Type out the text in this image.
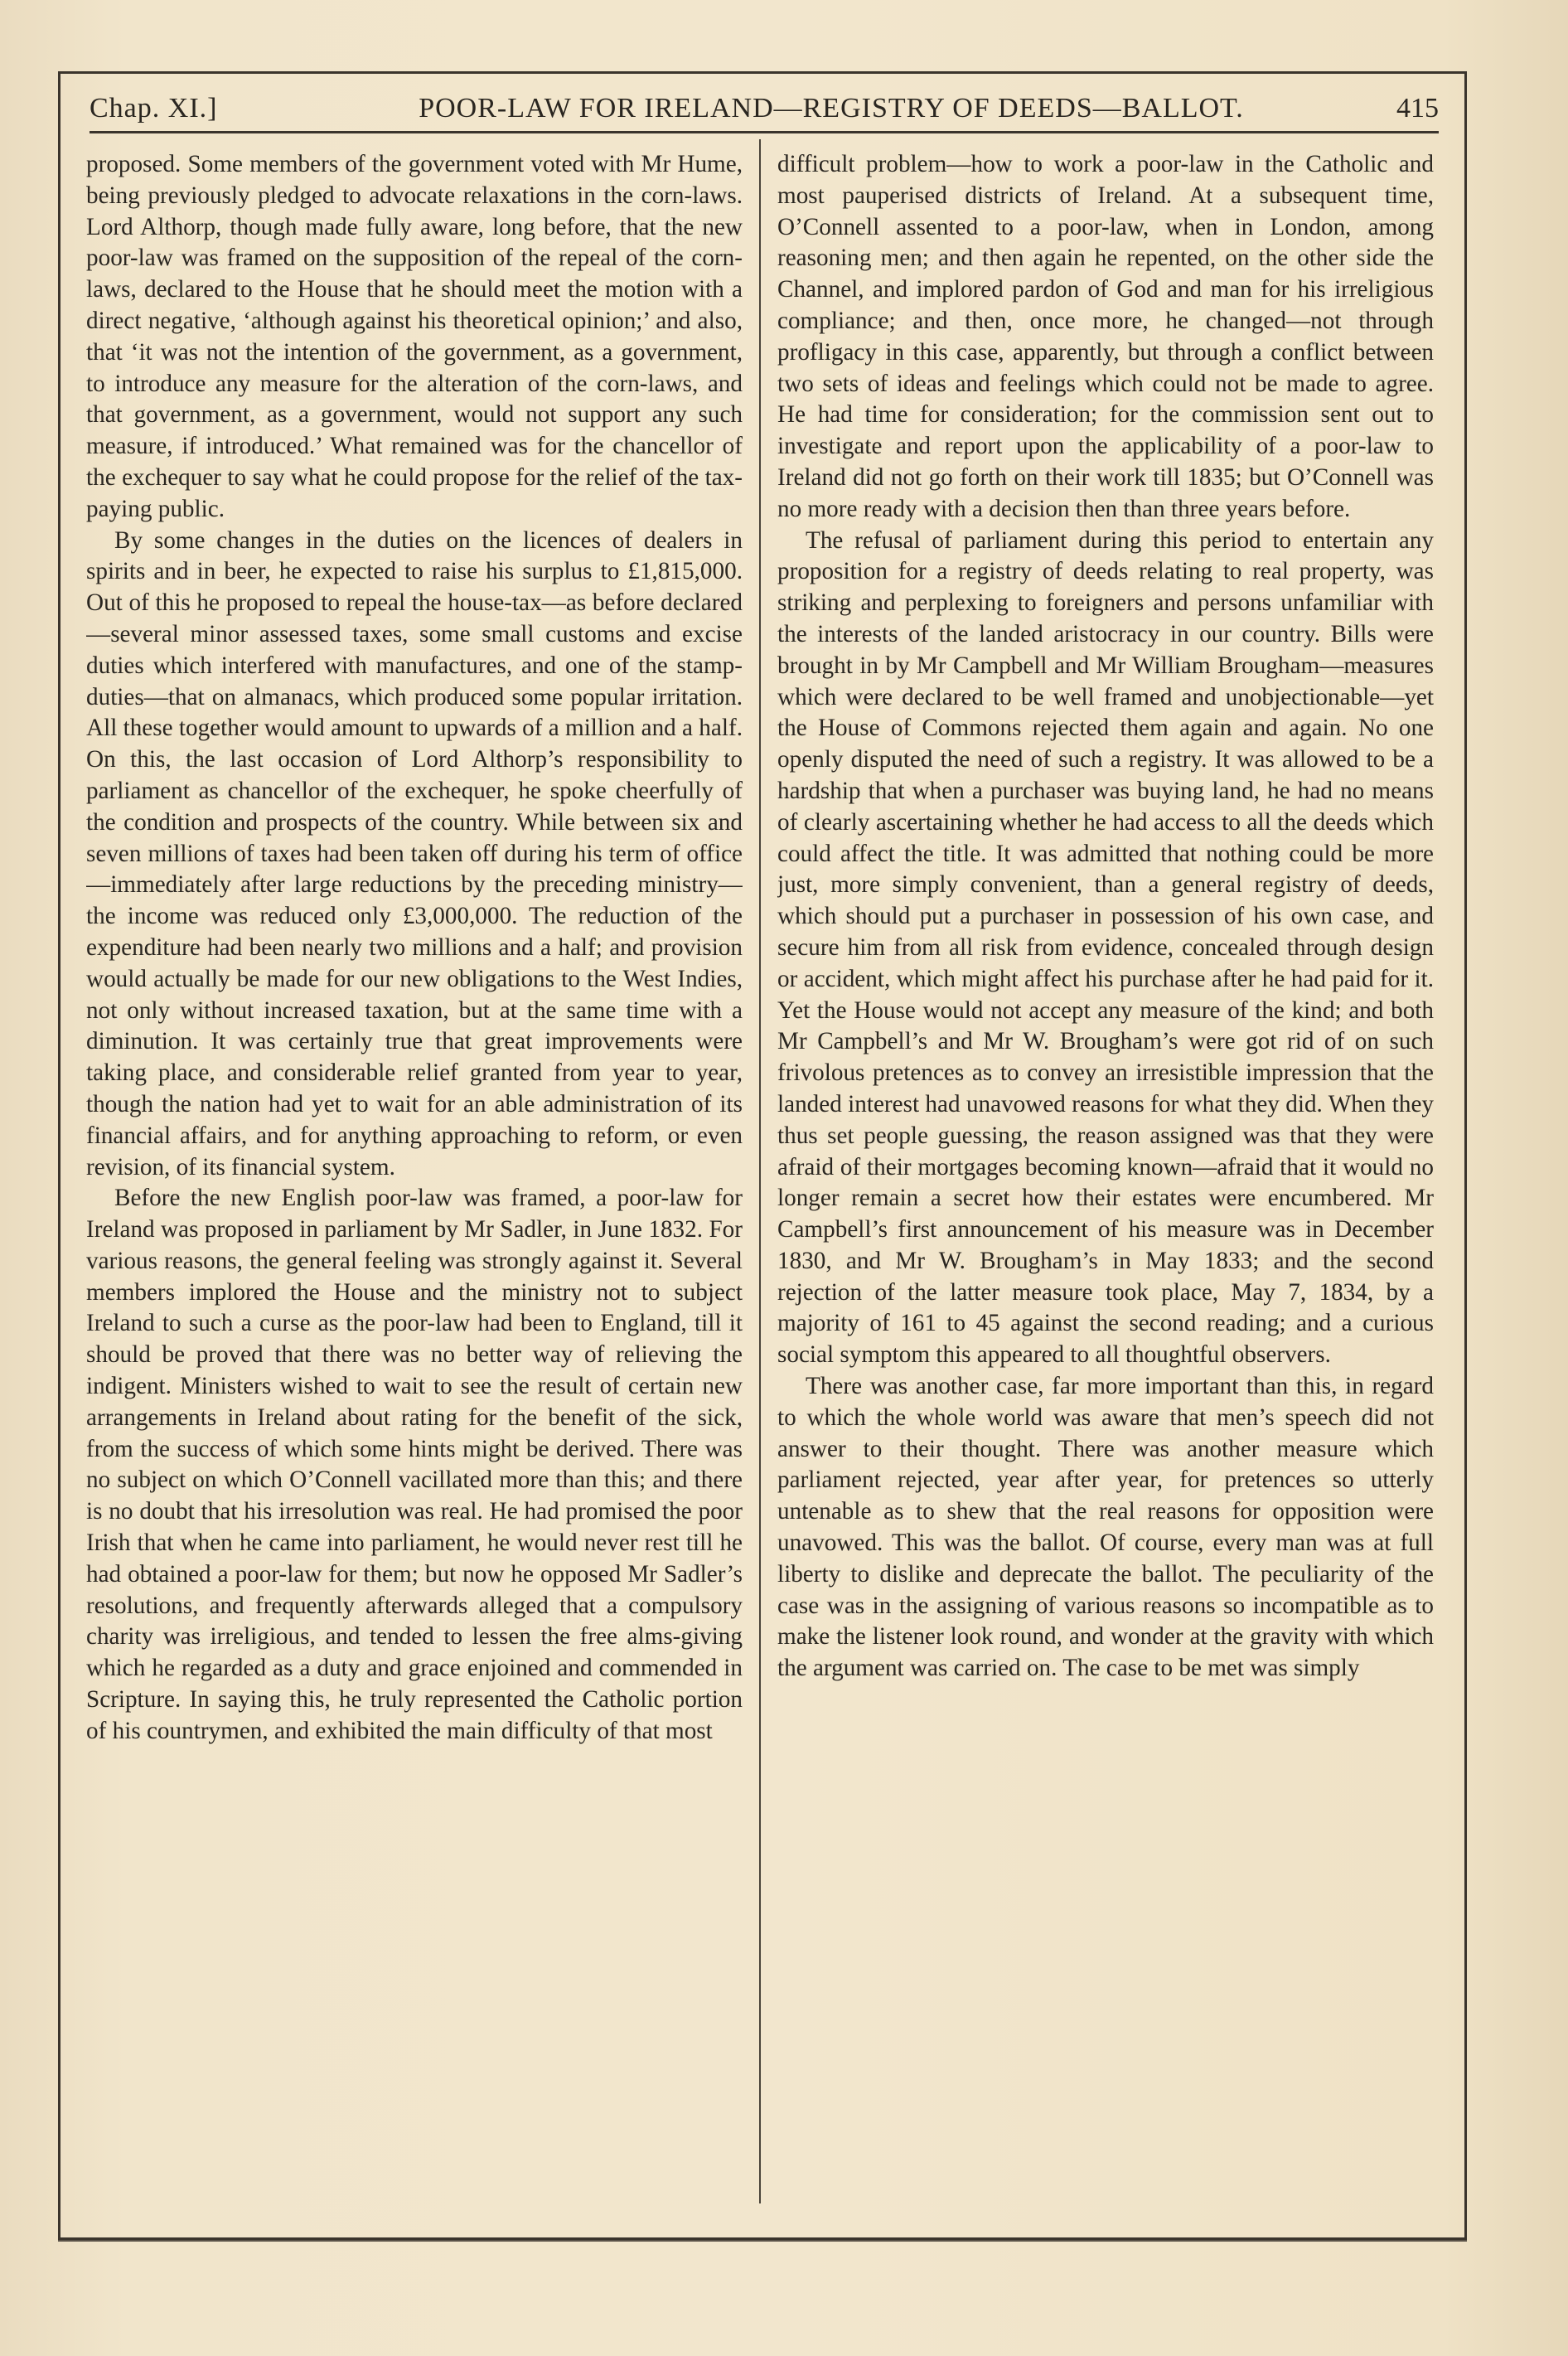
Chap. XI.]	POOR-LAW FOR IRELAND—REGISTRY OF DEEDS—BALLOT.	415

proposed. Some members of the government voted with Mr Hume, being previously pledged to advocate relaxations in the corn-laws. Lord Althorp, though made fully aware, long before, that the new poor-law was framed on the supposition of the repeal of the corn-laws, declared to the House that he should meet the motion with a direct negative, ‘although against his theoretical opinion;’ and also, that ‘it was not the intention of the government, as a government, to introduce any measure for the alteration of the corn-laws, and that government, as a government, would not support any such measure, if introduced.’ What remained was for the chancellor of the exchequer to say what he could propose for the relief of the tax-paying public.

By some changes in the duties on the licences of dealers in spirits and in beer, he expected to raise his surplus to £1,815,000. Out of this he proposed to repeal the house-tax—as before declared—several minor assessed taxes, some small customs and excise duties which interfered with manufactures, and one of the stamp-duties—that on almanacs, which produced some popular irritation. All these together would amount to upwards of a million and a half. On this, the last occasion of Lord Althorp’s responsibility to parliament as chancellor of the exchequer, he spoke cheerfully of the condition and prospects of the country. While between six and seven millions of taxes had been taken off during his term of office—immediately after large reductions by the preceding ministry—the income was reduced only £3,000,000. The reduction of the expenditure had been nearly two millions and a half; and provision would actually be made for our new obligations to the West Indies, not only without increased taxation, but at the same time with a diminution. It was certainly true that great improvements were taking place, and considerable relief granted from year to year, though the nation had yet to wait for an able administration of its financial affairs, and for anything approaching to reform, or even revision, of its financial system.

Before the new English poor-law was framed, a poor-law for Ireland was proposed in parliament by Mr Sadler, in June 1832. For various reasons, the general feeling was strongly against it. Several members implored the House and the ministry not to subject Ireland to such a curse as the poor-law had been to England, till it should be proved that there was no better way of relieving the indigent. Ministers wished to wait to see the result of certain new arrangements in Ireland about rating for the benefit of the sick, from the success of which some hints might be derived. There was no subject on which O’Connell vacillated more than this; and there is no doubt that his irresolution was real. He had promised the poor Irish that when he came into parliament, he would never rest till he had obtained a poor-law for them; but now he opposed Mr Sadler’s resolutions, and frequently afterwards alleged that a compulsory charity was irreligious, and tended to lessen the free alms-giving which he regarded as a duty and grace enjoined and commended in Scripture. In saying this, he truly represented the Catholic portion of his countrymen, and exhibited the main difficulty of that most

difficult problem—how to work a poor-law in the Catholic and most pauperised districts of Ireland. At a subsequent time, O’Connell assented to a poor-law, when in London, among reasoning men; and then again he repented, on the other side the Channel, and implored pardon of God and man for his irreligious compliance; and then, once more, he changed—not through profligacy in this case, apparently, but through a conflict between two sets of ideas and feelings which could not be made to agree. He had time for consideration; for the commission sent out to investigate and report upon the applicability of a poor-law to Ireland did not go forth on their work till 1835; but O’Connell was no more ready with a decision then than three years before.

The refusal of parliament during this period to entertain any proposition for a registry of deeds relating to real property, was striking and perplexing to foreigners and persons unfamiliar with the interests of the landed aristocracy in our country. Bills were brought in by Mr Campbell and Mr William Brougham—measures which were declared to be well framed and unobjectionable—yet the House of Commons rejected them again and again. No one openly disputed the need of such a registry. It was allowed to be a hardship that when a purchaser was buying land, he had no means of clearly ascertaining whether he had access to all the deeds which could affect the title. It was admitted that nothing could be more just, more simply convenient, than a general registry of deeds, which should put a purchaser in possession of his own case, and secure him from all risk from evidence, concealed through design or accident, which might affect his purchase after he had paid for it. Yet the House would not accept any measure of the kind; and both Mr Campbell’s and Mr W. Brougham’s were got rid of on such frivolous pretences as to convey an irresistible impression that the landed interest had unavowed reasons for what they did. When they thus set people guessing, the reason assigned was that they were afraid of their mortgages becoming known—afraid that it would no longer remain a secret how their estates were encumbered. Mr Campbell’s first announcement of his measure was in December 1830, and Mr W. Brougham’s in May 1833; and the second rejection of the latter measure took place, May 7, 1834, by a majority of 161 to 45 against the second reading; and a curious social symptom this appeared to all thoughtful observers.

There was another case, far more important than this, in regard to which the whole world was aware that men’s speech did not answer to their thought. There was another measure which parliament rejected, year after year, for pretences so utterly untenable as to shew that the real reasons for opposition were unavowed. This was the ballot. Of course, every man was at full liberty to dislike and deprecate the ballot. The peculiarity of the case was in the assigning of various reasons so incompatible as to make the listener look round, and wonder at the gravity with which the argument was carried on. The case to be met was simply
